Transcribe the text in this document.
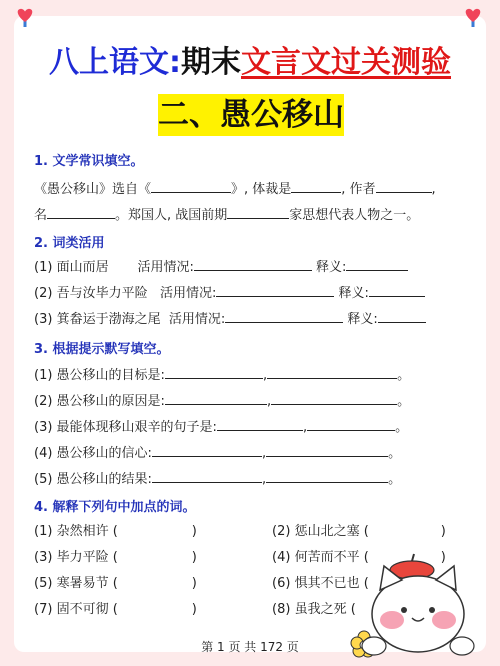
八上语文:期末文言文过关测验
二、愚公移山
1. 文学常识填空。
《愚公移山》选自《	》, 体裁是	, 作者	,
名	。郑国人, 战国前期	家思想代表人物之一。
2. 词类活用
(1) 面山而居 活用情况:	释义:
(2) 吾与汝毕力平险 活用情况:	释义:
(3) 箕畚运于渤海之尾 活用情况:	释义:
3. 根据提示默写填空。
(1) 愚公移山的目标是:	,	。
(2) 愚公移山的原因是:	,	。
(3) 最能体现移山艰辛的句子是:	,	。
(4) 愚公移山的信心:	,	。
(5) 愚公移山的结果:	,	。
4. 解释下列句中加点的词。
(1) 杂然相许 (	)	(2) 惩山北之塞 (	)
(3) 毕力平险 (	)	(4) 何苦而不平 (	)
(5) 寒暑易节 (	)	(6) 惧其不已也 (
(7) 固不可彻 (	)	(8) 虽我之死 (
第 1 页 共 172 页
